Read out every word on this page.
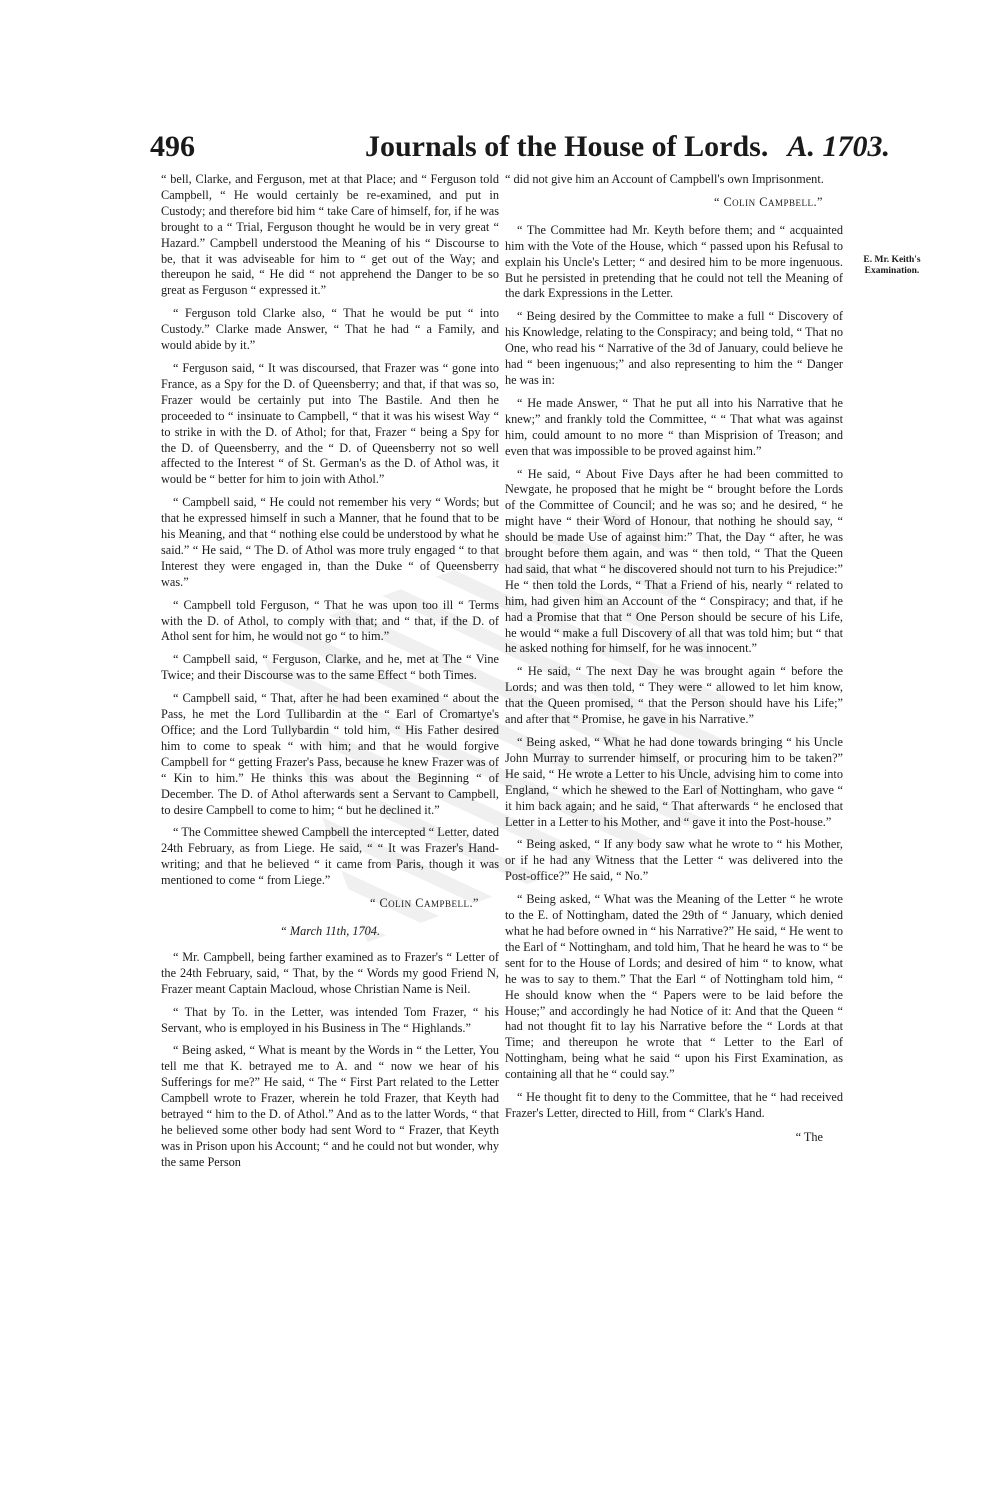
496	Journals of the House of Lords. A. 1703.

“ bell, Clarke, and Ferguson, met at that Place; and “ Ferguson told Campbell, “ He would certainly be re-examined, and put in Custody; and therefore bid him “ take Care of himself, for, if he was brought to a “ Trial, Ferguson thought he would be in very great “ Hazard.” Campbell understood the Meaning of his “ Discourse to be, that it was adviseable for him to “ get out of the Way; and thereupon he said, “ He did “ not apprehend the Danger to be so great as Ferguson “ expressed it.”

“ Ferguson told Clarke also, “ That he would be put “ into Custody.” Clarke made Answer, “ That he had “ a Family, and would abide by it.”

“ Ferguson said, “ It was discoursed, that Frazer was “ gone into France, as a Spy for the D. of Queensberry; and that, if that was so, Frazer would be certainly put into The Bastile. And then he proceeded to “ insinuate to Campbell, “ that it was his wisest Way “ to strike in with the D. of Athol; for that, Frazer “ being a Spy for the D. of Queensberry, and the “ D. of Queensberry not so well affected to the Interest “ of St. German's as the D. of Athol was, it would be “ better for him to join with Athol.”

“ Campbell said, “ He could not remember his very “ Words; but that he expressed himself in such a Manner, that he found that to be his Meaning, and that “ nothing else could be understood by what he said.” “ He said, “ The D. of Athol was more truly engaged “ to that Interest they were engaged in, than the Duke “ of Queensberry was.”

“ Campbell told Ferguson, “ That he was upon too ill “ Terms with the D. of Athol, to comply with that; and “ that, if the D. of Athol sent for him, he would not go “ to him.”

“ Campbell said, “ Ferguson, Clarke, and he, met at The “ Vine Twice; and their Discourse was to the same Effect “ both Times.

“ Campbell said, “ That, after he had been examined “ about the Pass, he met the Lord Tullibardin at the “ Earl of Cromartye's Office; and the Lord Tullybardin “ told him, “ His Father desired him to come to speak “ with him; and that he would forgive Campbell for “ getting Frazer's Pass, because he knew Frazer was of “ Kin to him.” He thinks this was about the Beginning “ of December. The D. of Athol afterwards sent a Servant to Campbell, to desire Campbell to come to him; “ but he declined it.”

“ The Committee shewed Campbell the intercepted “ Letter, dated 24th February, as from Liege. He said, “ “ It was Frazer's Hand-writing; and that he believed “ it came from Paris, though it was mentioned to come “ from Liege.”

“ Colin Campbell.”
“ March 11th, 1704.

“ Mr. Campbell, being farther examined as to Frazer's “ Letter of the 24th February, said, “ That, by the “ Words my good Friend N, Frazer meant Captain Macloud, whose Christian Name is Neil.

“ That by To. in the Letter, was intended Tom Frazer, “ his Servant, who is employed in his Business in The “ Highlands.”

“ Being asked, “ What is meant by the Words in “ the Letter, You tell me that K. betrayed me to A. and “ now we hear of his Sufferings for me?” He said, “ The “ First Part related to the Letter Campbell wrote to Frazer, wherein he told Frazer, that Keyth had betrayed “ him to the D. of Athol.” And as to the latter Words, “ that he believed some other body had sent Word to “ Frazer, that Keyth was in Prison upon his Account; “ and he could not but wonder, why the same Person

“ did not give him an Account of Campbell's own Imprisonment.

“ Colin Campbell.”

“ The Committee had Mr. Keyth before them; and “ acquainted him with the Vote of the House, which “ passed upon his Refusal to explain his Uncle's Letter; “ and desired him to be more ingenuous. But he persisted in pretending that he could not tell the Meaning of the dark Expressions in the Letter.

“ Being desired by the Committee to make a full “ Discovery of his Knowledge, relating to the Conspiracy; and being told, “ That no One, who read his “ Narrative of the 3d of January, could believe he had “ been ingenuous;” and also representing to him the “ Danger he was in:

“ He made Answer, “ That he put all into his Narrative that he knew;” and frankly told the Committee, “ “ That what was against him, could amount to no more “ than Misprision of Treason; and even that was impossible to be proved against him.”

“ He said, “ About Five Days after he had been committed to Newgate, he proposed that he might be “ brought before the Lords of the Committee of Council; and he was so; and he desired, “ he might have “ their Word of Honour, that nothing he should say, “ should be made Use of against him:” That, the Day “ after, he was brought before them again, and was “ then told, “ That the Queen had said, that what “ he discovered should not turn to his Prejudice:” He “ then told the Lords, “ That a Friend of his, nearly “ related to him, had given him an Account of the “ Conspiracy; and that, if he had a Promise that that “ One Person should be secure of his Life, he would “ make a full Discovery of all that was told him; but “ that he asked nothing for himself, for he was innocent.”

“ He said, “ The next Day he was brought again “ before the Lords; and was then told, “ They were “ allowed to let him know, that the Queen promised, “ that the Person should have his Life;” and after that “ Promise, he gave in his Narrative.”

“ Being asked, “ What he had done towards bringing “ his Uncle John Murray to surrender himself, or procuring him to be taken?” He said, “ He wrote a Letter to his Uncle, advising him to come into England, “ which he shewed to the Earl of Nottingham, who gave “ it him back again; and he said, “ That afterwards “ he enclosed that Letter in a Letter to his Mother, and “ gave it into the Post-house.”

“ Being asked, “ If any body saw what he wrote to “ his Mother, or if he had any Witness that the Letter “ was delivered into the Post-office?” He said, “ No.”

“ Being asked, “ What was the Meaning of the Letter “ he wrote to the E. of Nottingham, dated the 29th of “ January, which denied what he had before owned in “ his Narrative?” He said, “ He went to the Earl of “ Nottingham, and told him, That he heard he was to “ be sent for to the House of Lords; and desired of him “ to know, what he was to say to them.” That the Earl “ of Nottingham told him, “ He should know when the “ Papers were to be laid before the House;” and accordingly he had Notice of it: And that the Queen “ had not thought fit to lay his Narrative before the “ Lords at that Time; and thereupon he wrote that “ Letter to the Earl of Nottingham, being what he said “ upon his First Examination, as containing all that he “ could say.”

“ He thought fit to deny to the Committee, that he “ had received Frazer's Letter, directed to Hill, from “ Clark's Hand.

“ The
E. Mr. Keith's Examination.
